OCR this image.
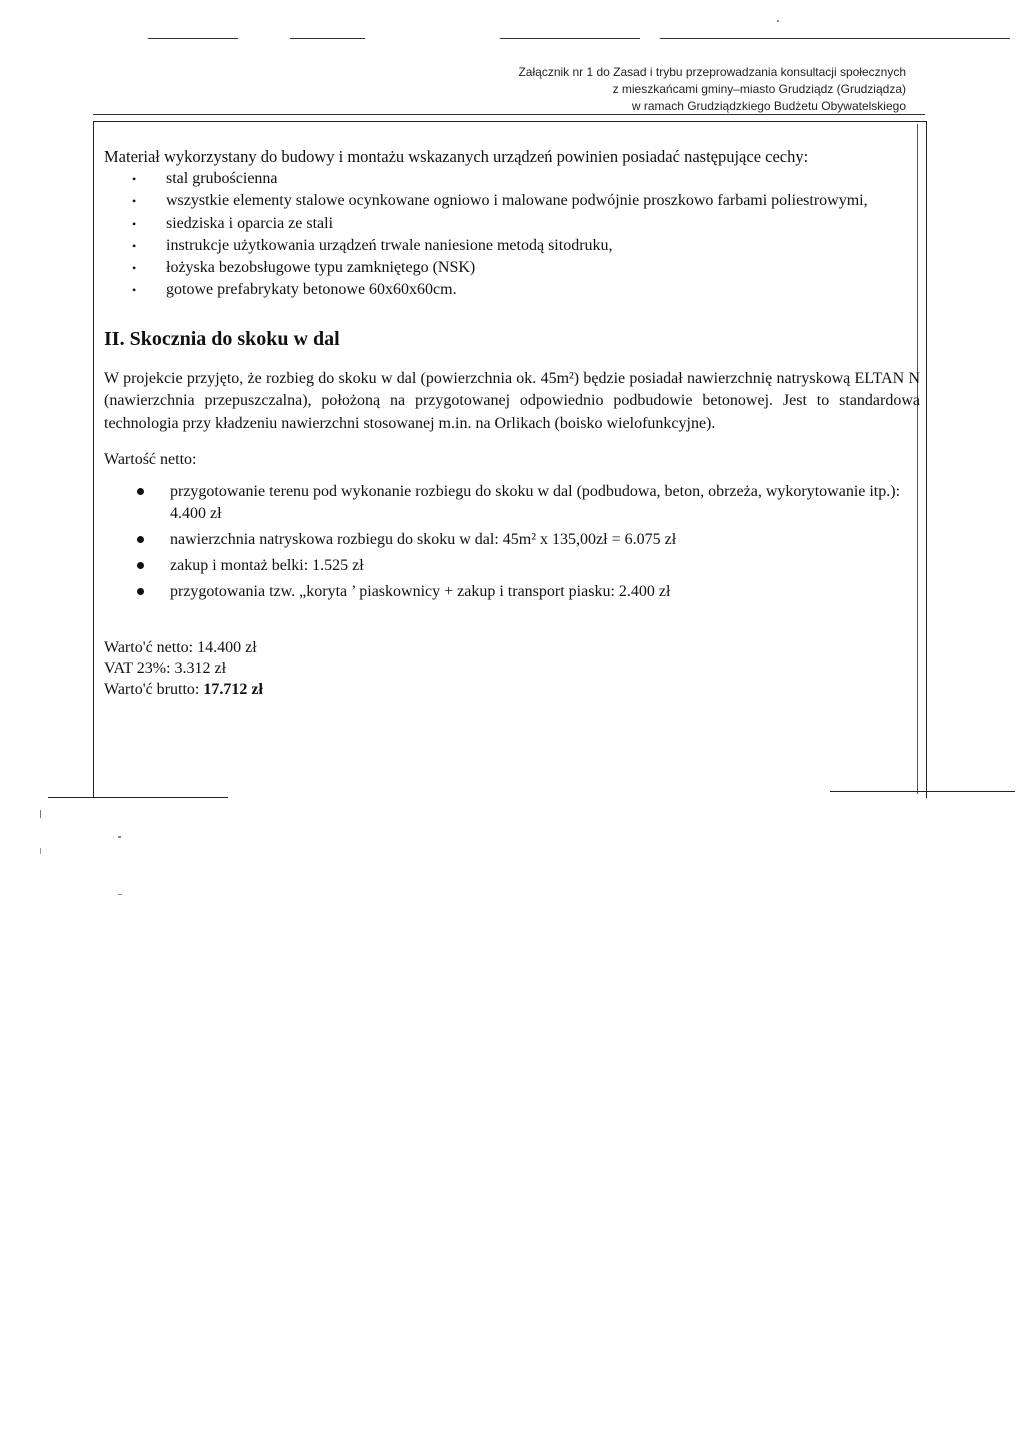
Załącznik nr 1 do Zasad i trybu przeprowadzania konsultacji społecznych
z mieszkańcami gminy–miasto Grudziądz (Grudziądza)
w ramach Grudziądzkiego Budżetu Obywatelskiego

Materiał wykorzystany do budowy i montażu wskazanych urządzeń powinien posiadać następujące cechy:

• stal grubościenna
• wszystkie elementy stalowe ocynkowane ogniowo i malowane podwójnie proszkowo farbami poliestrowymi,
• siedziska i oparcia ze stali
• instrukcje użytkowania urządzeń trwale naniesione metodą sitodruku,
• łożyska bezobsługowe typu zamkniętego (NSK)
• gotowe prefabrykaty betonowe 60x60x60cm.
II. Skocznia do skoku w dal

W projekcie przyjęto, że rozbieg do skoku w dal (powierzchnia ok. 45m²) będzie posiadał nawierzchnię natryskową ELTAN N (nawierzchnia przepuszczalna), położoną na przygotowanej odpowiednio podbudowie betonowej. Jest to standardowa technologia przy kładzeniu nawierzchni stosowanej m.in. na Orlikach (boisko wielofunkcyjne).

Wartość netto:

przygotowanie terenu pod wykonanie rozbiegu do skoku w dal (podbudowa, beton, obrzeża, wykorytowanie itp.): 4.400 zł
nawierzchnia natryskowa rozbiegu do skoku w dal: 45m² x 135,00zł = 6.075 zł
zakup i montaż belki: 1.525 zł
przygotowania tzw. „koryta ’ piaskownicy + zakup i transport piasku: 2.400 zł
Warto'ć netto: 14.400 zł
VAT 23%: 3.312 zł
Warto'ć brutto: 17.712 zł
